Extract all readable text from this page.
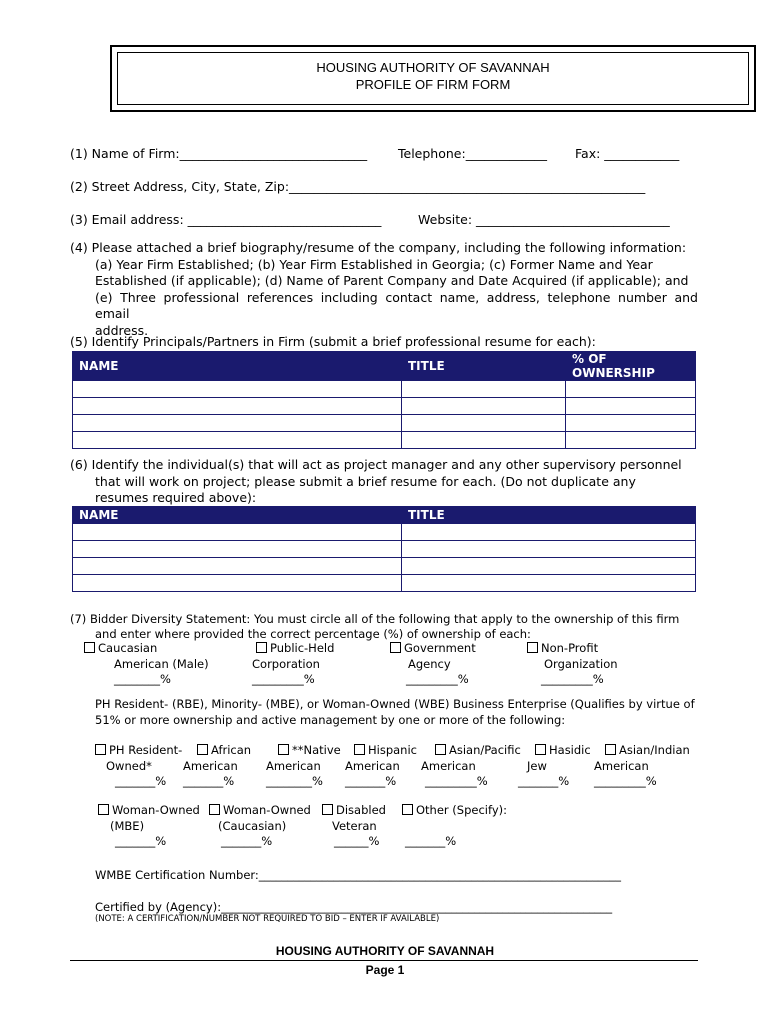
HOUSING AUTHORITY OF SAVANNAH
PROFILE OF FIRM FORM
(1) Name of Firm:______________________________ Telephone:_____________ Fax: ____________
(2) Street Address, City, State, Zip:_________________________________________________________
(3) Email address: _______________________________	Website: _______________________________
(4) Please attached a brief biography/resume of the company, including the following information:
(a) Year Firm Established; (b) Year Firm Established in Georgia; (c) Former Name and Year
Established (if applicable); (d) Name of Parent Company and Date Acquired (if applicable); and
(e) Three professional references including contact name, address, telephone number and email
address.
(5) Identify Principals/Partners in Firm (submit a brief professional resume for each):
NAME	TITLE	% OF OWNERSHIP

(6) Identify the individual(s) that will act as project manager and any other supervisory personnel
that will work on project; please submit a brief resume for each. (Do not duplicate any
resumes required above):
NAME	TITLE

(7) Bidder Diversity Statement: You must circle all of the following that apply to the ownership of this firm
and enter where provided the correct percentage (%) of ownership of each:
Caucasian
American (Male)
________%
Public-Held
Corporation
_________%
Government
Agency
_________%
Non-Profit
Organization
_________%
PH Resident- (RBE), Minority- (MBE), or Woman-Owned (WBE) Business Enterprise (Qualifies by virtue of
51% or more ownership and active management by one or more of the following:
PH Resident-
Owned*
_______%
African
American
_______%
**Native
American
________%
Hispanic
American
_______%
Asian/Pacific
American
_________%
Hasidic
Jew
_______%
Asian/Indian
American
_________%
Woman-Owned
(MBE)
_______%
Woman-Owned
(Caucasian)
_______%
Disabled
Veteran
______%
Other (Specify):

_______%
WMBE Certification Number:_______________________________________________________________
Certified by (Agency):____________________________________________________________________
(NOTE: A CERTIFICATION/NUMBER NOT REQUIRED TO BID – ENTER IF AVAILABLE)
HOUSING AUTHORITY OF SAVANNAH
Page 1
